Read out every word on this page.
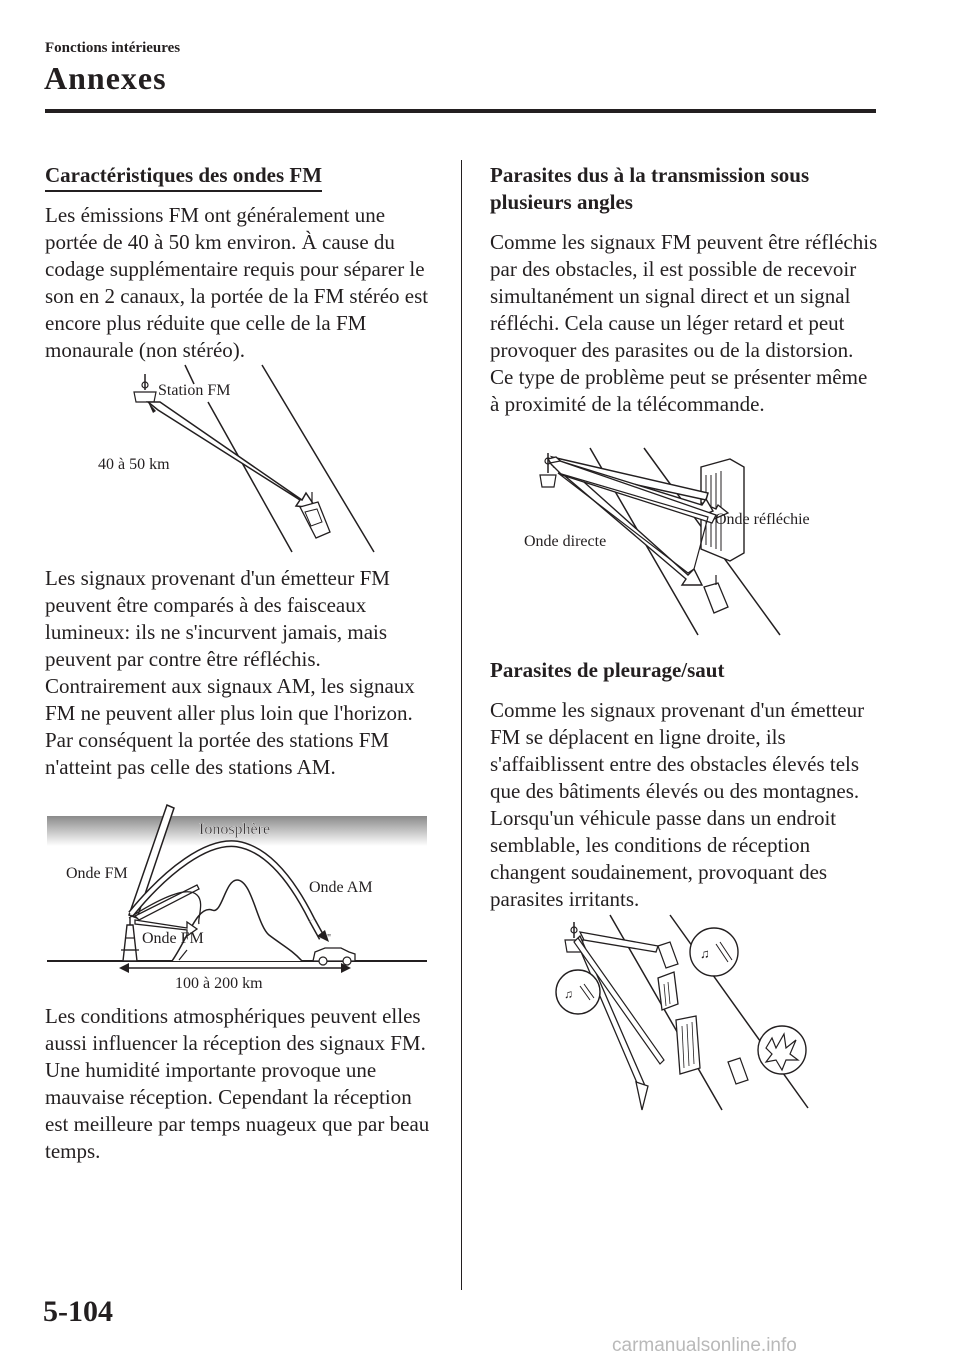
Fonctions intérieures
Annexes
Caractéristiques des ondes FM

Les émissions FM ont généralement une portée de 40 à 50 km environ. À cause du codage supplémentaire requis pour séparer le son en 2 canaux, la portée de la FM stéréo est encore plus réduite que celle de la FM monaurale (non stéréo).

Station FM
40 à 50 km

Les signaux provenant d'un émetteur FM peuvent être comparés à des faisceaux lumineux: ils ne s'incurvent jamais, mais peuvent par contre être réfléchis. Contrairement aux signaux AM, les signaux FM ne peuvent aller plus loin que l'horizon. Par conséquent la portée des stations FM n'atteint pas celle des stations AM.

Ionosphère
"
Onde FM
Onde AM
Onde FM
100 à 200 km

Les conditions atmosphériques peuvent elles aussi influencer la réception des signaux FM. Une humidité importante provoque une mauvaise réception. Cependant la réception est meilleure par temps nuageux que par beau temps.

Parasites dus à la transmission sous plusieurs angles

Comme les signaux FM peuvent être réfléchis par des obstacles, il est possible de recevoir simultanément un signal direct et un signal réfléchi. Cela cause un léger retard et peut provoquer des parasites ou de la distorsion. Ce type de problème peut se présenter même à proximité de la télécommande.

Onde réfléchie
Onde directe
Parasites de pleurage/saut

Comme les signaux provenant d'un émetteur FM se déplacent en ligne droite, ils s'affaiblissent entre des obstacles élevés tels que des bâtiments élevés ou des montagnes. Lorsqu'un véhicule passe dans un endroit semblable, les conditions de réception changent soudainement, provoquant des parasites irritants.

♫
♫
5-104
carmanualsonline.info
